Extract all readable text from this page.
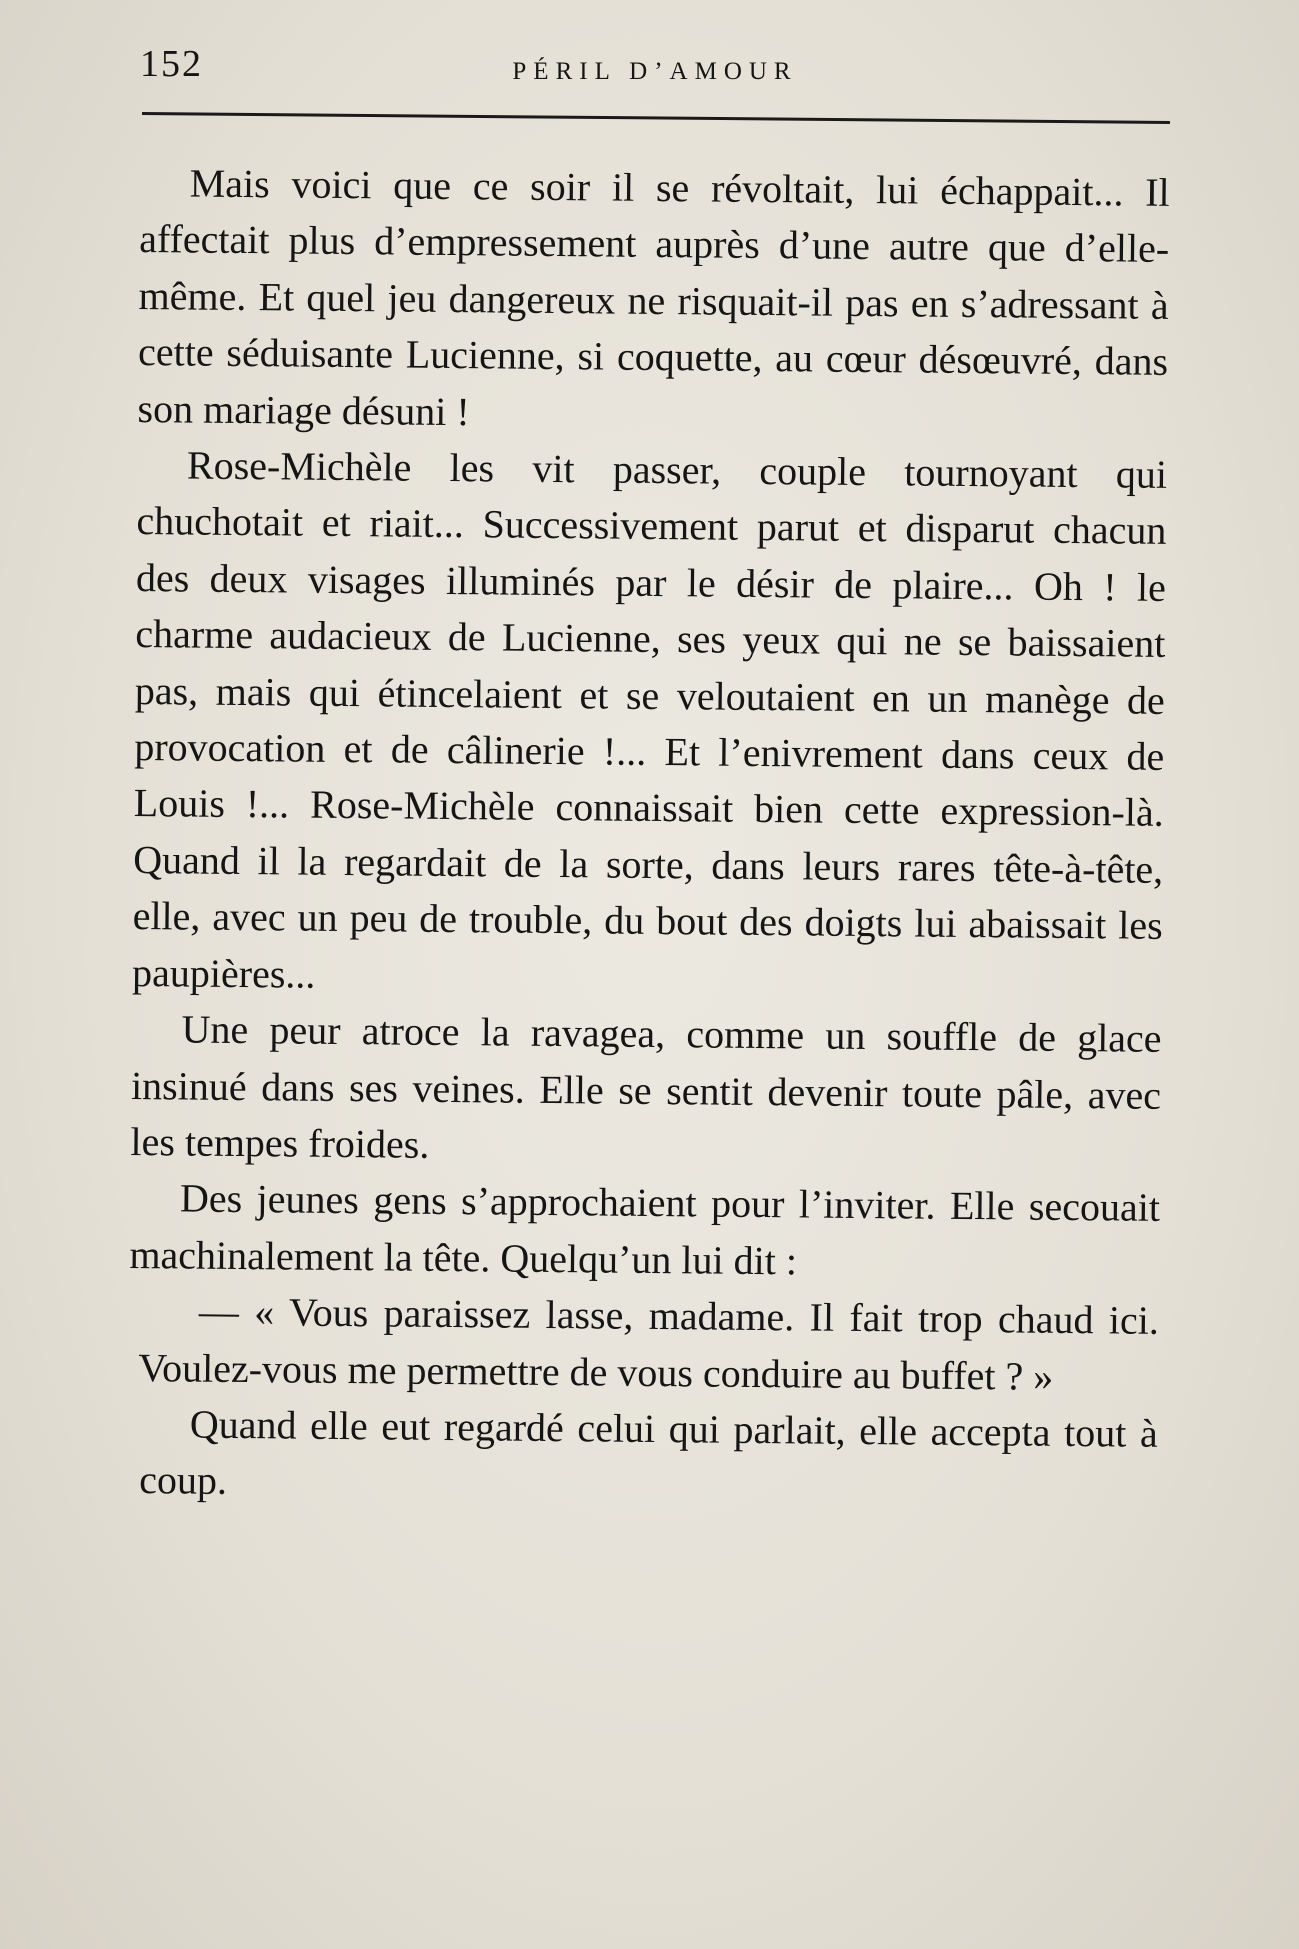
152	PÉRIL D’AMOUR

Mais voici que ce soir il se révoltait, lui échappait... Il affectait plus d’empressement auprès d’une autre que d’elle-même. Et quel jeu dangereux ne risquait-il pas en s’adressant à cette séduisante Lucienne, si coquette, au cœur désœuvré, dans son mariage désuni !

Rose-Michèle les vit passer, couple tournoyant qui chuchotait et riait... Successivement parut et disparut chacun des deux visages illuminés par le désir de plaire... Oh ! le charme audacieux de Lucienne, ses yeux qui ne se baissaient pas, mais qui étincelaient et se veloutaient en un manège de provocation et de câlinerie !... Et l’enivrement dans ceux de Louis !... Rose-Michèle connaissait bien cette expression-là. Quand il la regardait de la sorte, dans leurs rares tête-à-tête, elle, avec un peu de trouble, du bout des doigts lui abaissait les paupières...

Une peur atroce la ravagea, comme un souffle de glace insinué dans ses veines. Elle se sentit devenir toute pâle, avec les tempes froides.

Des jeunes gens s’approchaient pour l’inviter. Elle secouait machinalement la tête. Quelqu’un lui dit :

— « Vous paraissez lasse, madame. Il fait trop chaud ici. Voulez-vous me permettre de vous conduire au buffet ? »

Quand elle eut regardé celui qui parlait, elle accepta tout à coup.
